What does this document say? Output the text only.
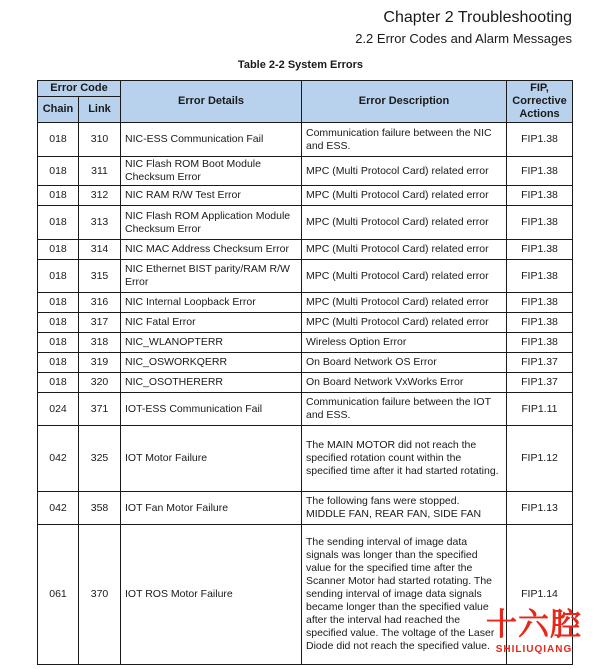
Chapter 2 Troubleshooting
2.2 Error Codes and Alarm Messages
Table 2-2 System Errors
Error Code		Error Details	Error Description	FIP, Corrective Actions
Chain	Link			
018	310	NIC-ESS Communication Fail	Communication failure between the NIC and ESS.	FIP1.38
018	311	NIC Flash ROM Boot Module Checksum Error	MPC (Multi Protocol Card) related error	FIP1.38
018	312	NIC RAM R/W Test Error	MPC (Multi Protocol Card) related error	FIP1.38
018	313	NIC Flash ROM Application Module Checksum Error	MPC (Multi Protocol Card) related error	FIP1.38
018	314	NIC MAC Address Checksum Error	MPC (Multi Protocol Card) related error	FIP1.38
018	315	NIC Ethernet BIST parity/RAM R/W Error	MPC (Multi Protocol Card) related error	FIP1.38
018	316	NIC Internal Loopback Error	MPC (Multi Protocol Card) related error	FIP1.38
018	317	NIC Fatal Error	MPC (Multi Protocol Card) related error	FIP1.38
018	318	NIC_WLANOPTERR	Wireless Option Error	FIP1.38
018	319	NIC_OSWORKQERR	On Board Network OS Error	FIP1.37
018	320	NIC_OSOTHERERR	On Board Network VxWorks Error	FIP1.37
024	371	IOT-ESS Communication Fail	Communication failure between the IOT and ESS.	FIP1.11
042	325	IOT Motor Failure	The MAIN MOTOR did not reach the specified rotation count within the specified time after it had started rotating.	FIP1.12
042	358	IOT Fan Motor Failure	The following fans were stopped. MIDDLE FAN, REAR FAN, SIDE FAN	FIP1.13
061	370	IOT ROS Motor Failure	The sending interval of image data signals was longer than the specified value for the specified time after the Scanner Motor had started rotating. The sending interval of image data signals became longer than the specified value after the interval had reached the specified value. The voltage of the Laser Diode did not reach the specified value.	FIP1.14
十六腔
SHILIUQIANG
